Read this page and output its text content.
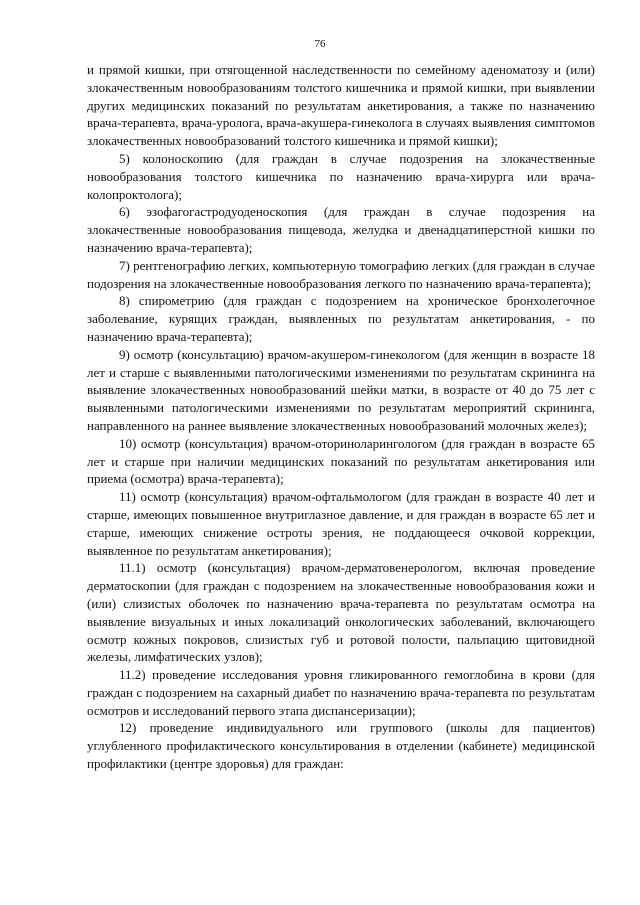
76

и прямой кишки, при отягощенной наследственности по семейному аденоматозу и (или) злокачественным новообразованиям толстого кишечника и прямой кишки, при выявлении других медицинских показаний по результатам анкетирования, а также по назначению врача-терапевта, врача-уролога, врача-акушера-гинеколога в случаях выявления симптомов злокачественных новообразований толстого кишечника и прямой кишки);

5) колоноскопию (для граждан в случае подозрения на злокачественные новообразования толстого кишечника по назначению врача-хирурга или врача-колопроктолога);

6) эзофагогастродуоденоскопия (для граждан в случае подозрения на злокачественные новообразования пищевода, желудка и двенадцатиперстной кишки по назначению врача-терапевта);

7) рентгенографию легких, компьютерную томографию легких (для граждан в случае подозрения на злокачественные новообразования легкого по назначению врача-терапевта);

8) спирометрию (для граждан с подозрением на хроническое бронхолегочное заболевание, курящих граждан, выявленных по результатам анкетирования, - по назначению врача-терапевта);

9) осмотр (консультацию) врачом-акушером-гинекологом (для женщин в возрасте 18 лет и старше с выявленными патологическими изменениями по результатам скрининга на выявление злокачественных новообразований шейки матки, в возрасте от 40 до 75 лет с выявленными патологическими изменениями по результатам мероприятий скрининга, направленного на раннее выявление злокачественных новообразований молочных желез);

10) осмотр (консультация) врачом-оториноларингологом (для граждан в возрасте 65 лет и старше при наличии медицинских показаний по результатам анкетирования или приема (осмотра) врача-терапевта);

11) осмотр (консультация) врачом-офтальмологом (для граждан в возрасте 40 лет и старше, имеющих повышенное внутриглазное давление, и для граждан в возрасте 65 лет и старше, имеющих снижение остроты зрения, не поддающееся очковой коррекции, выявленное по результатам анкетирования);

11.1) осмотр (консультация) врачом-дерматовенерологом, включая проведение дерматоскопии (для граждан с подозрением на злокачественные новообразования кожи и (или) слизистых оболочек по назначению врача-терапевта по результатам осмотра на выявление визуальных и иных локализаций онкологических заболеваний, включающего осмотр кожных покровов, слизистых губ и ротовой полости, пальпацию щитовидной железы, лимфатических узлов);

11.2) проведение исследования уровня гликированного гемоглобина в крови (для граждан с подозрением на сахарный диабет по назначению врача-терапевта по результатам осмотров и исследований первого этапа диспансеризации);

12) проведение индивидуального или группового (школы для пациентов) углубленного профилактического консультирования в отделении (кабинете) медицинской профилактики (центре здоровья) для граждан:
